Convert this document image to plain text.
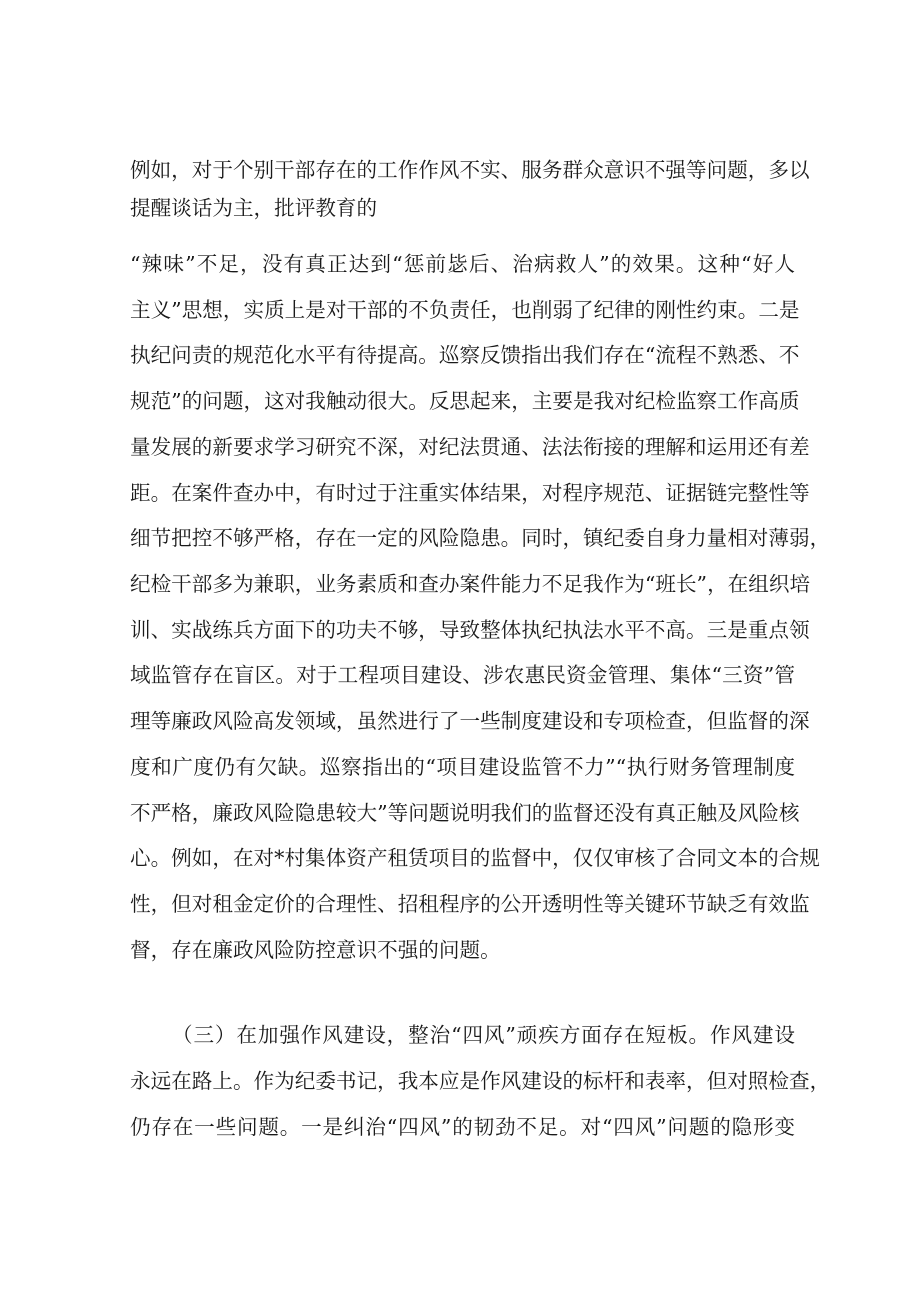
例如，对于个别干部存在的工作作风不实、服务群众意识不强等问题，多以
提醒谈话为主，批评教育的
“辣味”不足，没有真正达到“惩前毖后、治病救人”的效果。这种“好人
主义”思想，实质上是对干部的不负责任，也削弱了纪律的刚性约束。二是
执纪问责的规范化水平有待提高。巡察反馈指出我们存在“流程不熟悉、不
规范”的问题，这对我触动很大。反思起来，主要是我对纪检监察工作高质
量发展的新要求学习研究不深，对纪法贯通、法法衔接的理解和运用还有差
距。在案件查办中，有时过于注重实体结果，对程序规范、证据链完整性等
细节把控不够严格，存在一定的风险隐患。同时，镇纪委自身力量相对薄弱，
纪检干部多为兼职，业务素质和查办案件能力不足我作为“班长”，在组织培
训、实战练兵方面下的功夫不够，导致整体执纪执法水平不高。三是重点领
域监管存在盲区。对于工程项目建设、涉农惠民资金管理、集体“三资”管
理等廉政风险高发领域，虽然进行了一些制度建设和专项检查，但监督的深
度和广度仍有欠缺。巡察指出的“项目建设监管不力”“执行财务管理制度
不严格，廉政风险隐患较大”等问题说明我们的监督还没有真正触及风险核
心。例如，在对*村集体资产租赁项目的监督中，仅仅审核了合同文本的合规
性，但对租金定价的合理性、招租程序的公开透明性等关键环节缺乏有效监
督，存在廉政风险防控意识不强的问题。
（三）在加强作风建设，整治“四风”顽疾方面存在短板。作风建设
永远在路上。作为纪委书记，我本应是作风建设的标杆和表率，但对照检查，
仍存在一些问题。一是纠治“四风”的韧劲不足。对“四风”问题的隐形变
